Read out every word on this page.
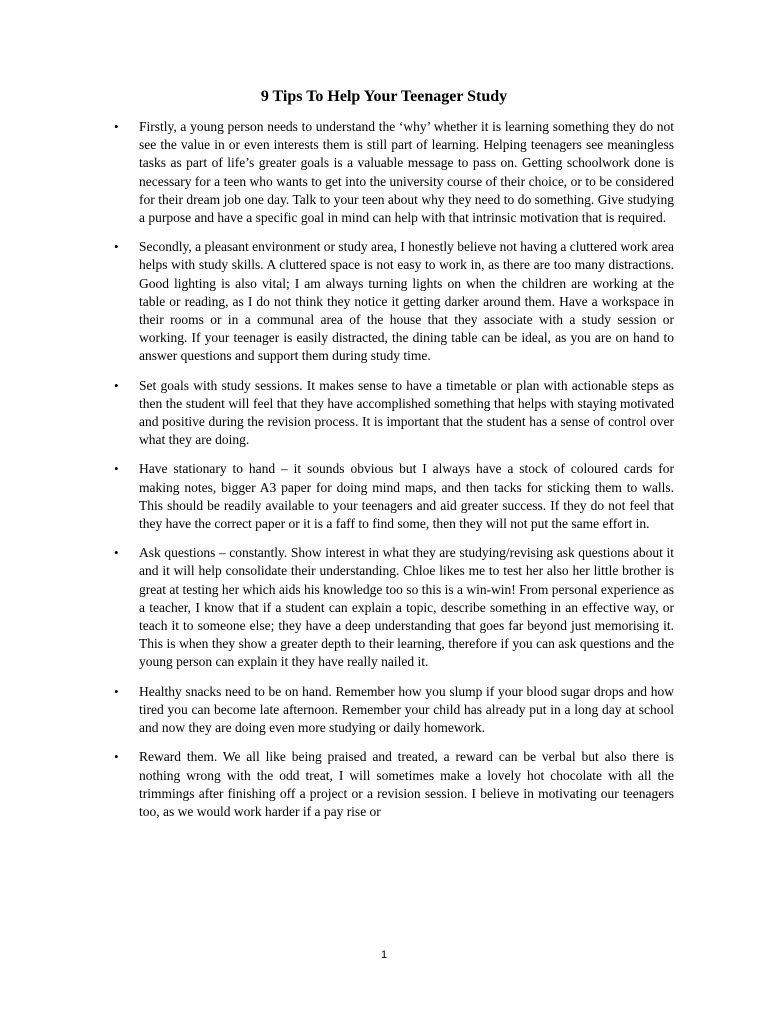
9 Tips To Help Your Teenager Study
• Firstly, a young person needs to understand the ‘why’ whether it is learning something they do not see the value in or even interests them is still part of learning. Helping teenagers see meaningless tasks as part of life’s greater goals is a valuable message to pass on. Getting schoolwork done is necessary for a teen who wants to get into the university course of their choice, or to be considered for their dream job one day. Talk to your teen about why they need to do something. Give studying a purpose and have a specific goal in mind can help with that intrinsic motivation that is required.

• Secondly, a pleasant environment or study area, I honestly believe not having a cluttered work area helps with study skills. A cluttered space is not easy to work in, as there are too many distractions. Good lighting is also vital; I am always turning lights on when the children are working at the table or reading, as I do not think they notice it getting darker around them. Have a workspace in their rooms or in a communal area of the house that they associate with a study session or working. If your teenager is easily distracted, the dining table can be ideal, as you are on hand to answer questions and support them during study time.

• Set goals with study sessions. It makes sense to have a timetable or plan with actionable steps as then the student will feel that they have accomplished something that helps with staying motivated and positive during the revision process. It is important that the student has a sense of control over what they are doing.

• Have stationary to hand – it sounds obvious but I always have a stock of coloured cards for making notes, bigger A3 paper for doing mind maps, and then tacks for sticking them to walls. This should be readily available to your teenagers and aid greater success. If they do not feel that they have the correct paper or it is a faff to find some, then they will not put the same effort in.

• Ask questions – constantly. Show interest in what they are studying/revising ask questions about it and it will help consolidate their understanding. Chloe likes me to test her also her little brother is great at testing her which aids his knowledge too so this is a win-win! From personal experience as a teacher, I know that if a student can explain a topic, describe something in an effective way, or teach it to someone else; they have a deep understanding that goes far beyond just memorising it. This is when they show a greater depth to their learning, therefore if you can ask questions and the young person can explain it they have really nailed it.

• Healthy snacks need to be on hand. Remember how you slump if your blood sugar drops and how tired you can become late afternoon. Remember your child has already put in a long day at school and now they are doing even more studying or daily homework.

• Reward them. We all like being praised and treated, a reward can be verbal but also there is nothing wrong with the odd treat, I will sometimes make a lovely hot chocolate with all the trimmings after finishing off a project or a revision session. I believe in motivating our teenagers too, as we would work harder if a pay rise or

1
